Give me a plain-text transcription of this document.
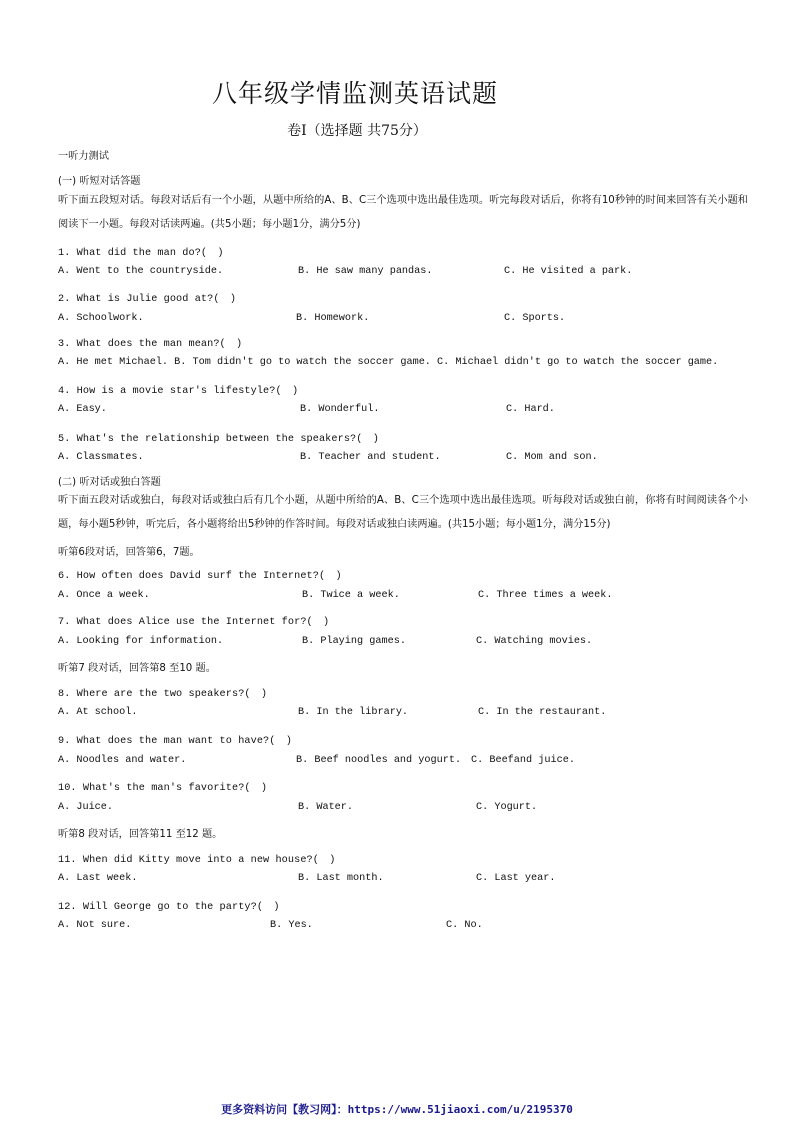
八年级学情监测英语试题
卷Ⅰ（选择题 共75分）
一听力测试
(一) 听短对话答题
听下面五段短对话。每段对话后有一个小题，从题中所给的A、B、C三个选项中选出最佳选项。听完每段对话后，你将有10秒钟的时间来回答有关小题和阅读下一小题。每段对话读两遍。(共5小题；每小题1分，满分5分)
1. What did the man do?(　)
A. Went to the countryside.	B. He saw many pandas.	C. He visited a park.
2. What is Julie good at?(　)
A. Schoolwork.	B. Homework.	C. Sports.
3. What does the man mean?(　)
A. He met Michael. B. Tom didn't go to watch the soccer game. C. Michael didn't go to watch the soccer game.
4. How is a movie star's lifestyle?(　)
A. Easy.	B. Wonderful.	C. Hard.
5. What's the relationship between the speakers?(　)
A. Classmates.	B. Teacher and student.	C. Mom and son.
(二) 听对话或独白答题
听下面五段对话或独白，每段对话或独白后有几个小题，从题中所给的A、B、C三个选项中选出最佳选项。听每段对话或独白前，你将有时间阅读各个小题，每小题5秒钟，听完后，各小题将给出5秒钟的作答时间。每段对话或独白读两遍。(共15小题；每小题1分，满分15分)
听第6段对话，回答第6，7题。
6. How often does David surf the Internet?(　)
A. Once a week.	B. Twice a week.	C. Three times a week.
7. What does Alice use the Internet for?(　)
A. Looking for information.	B. Playing games.	C. Watching movies.
听第7 段对话，回答第8 至10 题。
8. Where are the two speakers?(　)
A. At school.	B. In the library.	C. In the restaurant.
9. What does the man want to have?(　)
A. Noodles and water.	B. Beef noodles and yogurt. C. Beefand juice.
10. What's the man's favorite?(　)
A. Juice.	B. Water.	C. Yogurt.
听第8 段对话，回答第11 至12 题。
11. When did Kitty move into a new house?(　)
A. Last week.	B. Last month.	C. Last year.
12. Will George go to the party?(　)
A. Not sure.	B. Yes.	C. No.
更多资料访问【教习网】：https://www.51jiaoxi.com/u/2195370
